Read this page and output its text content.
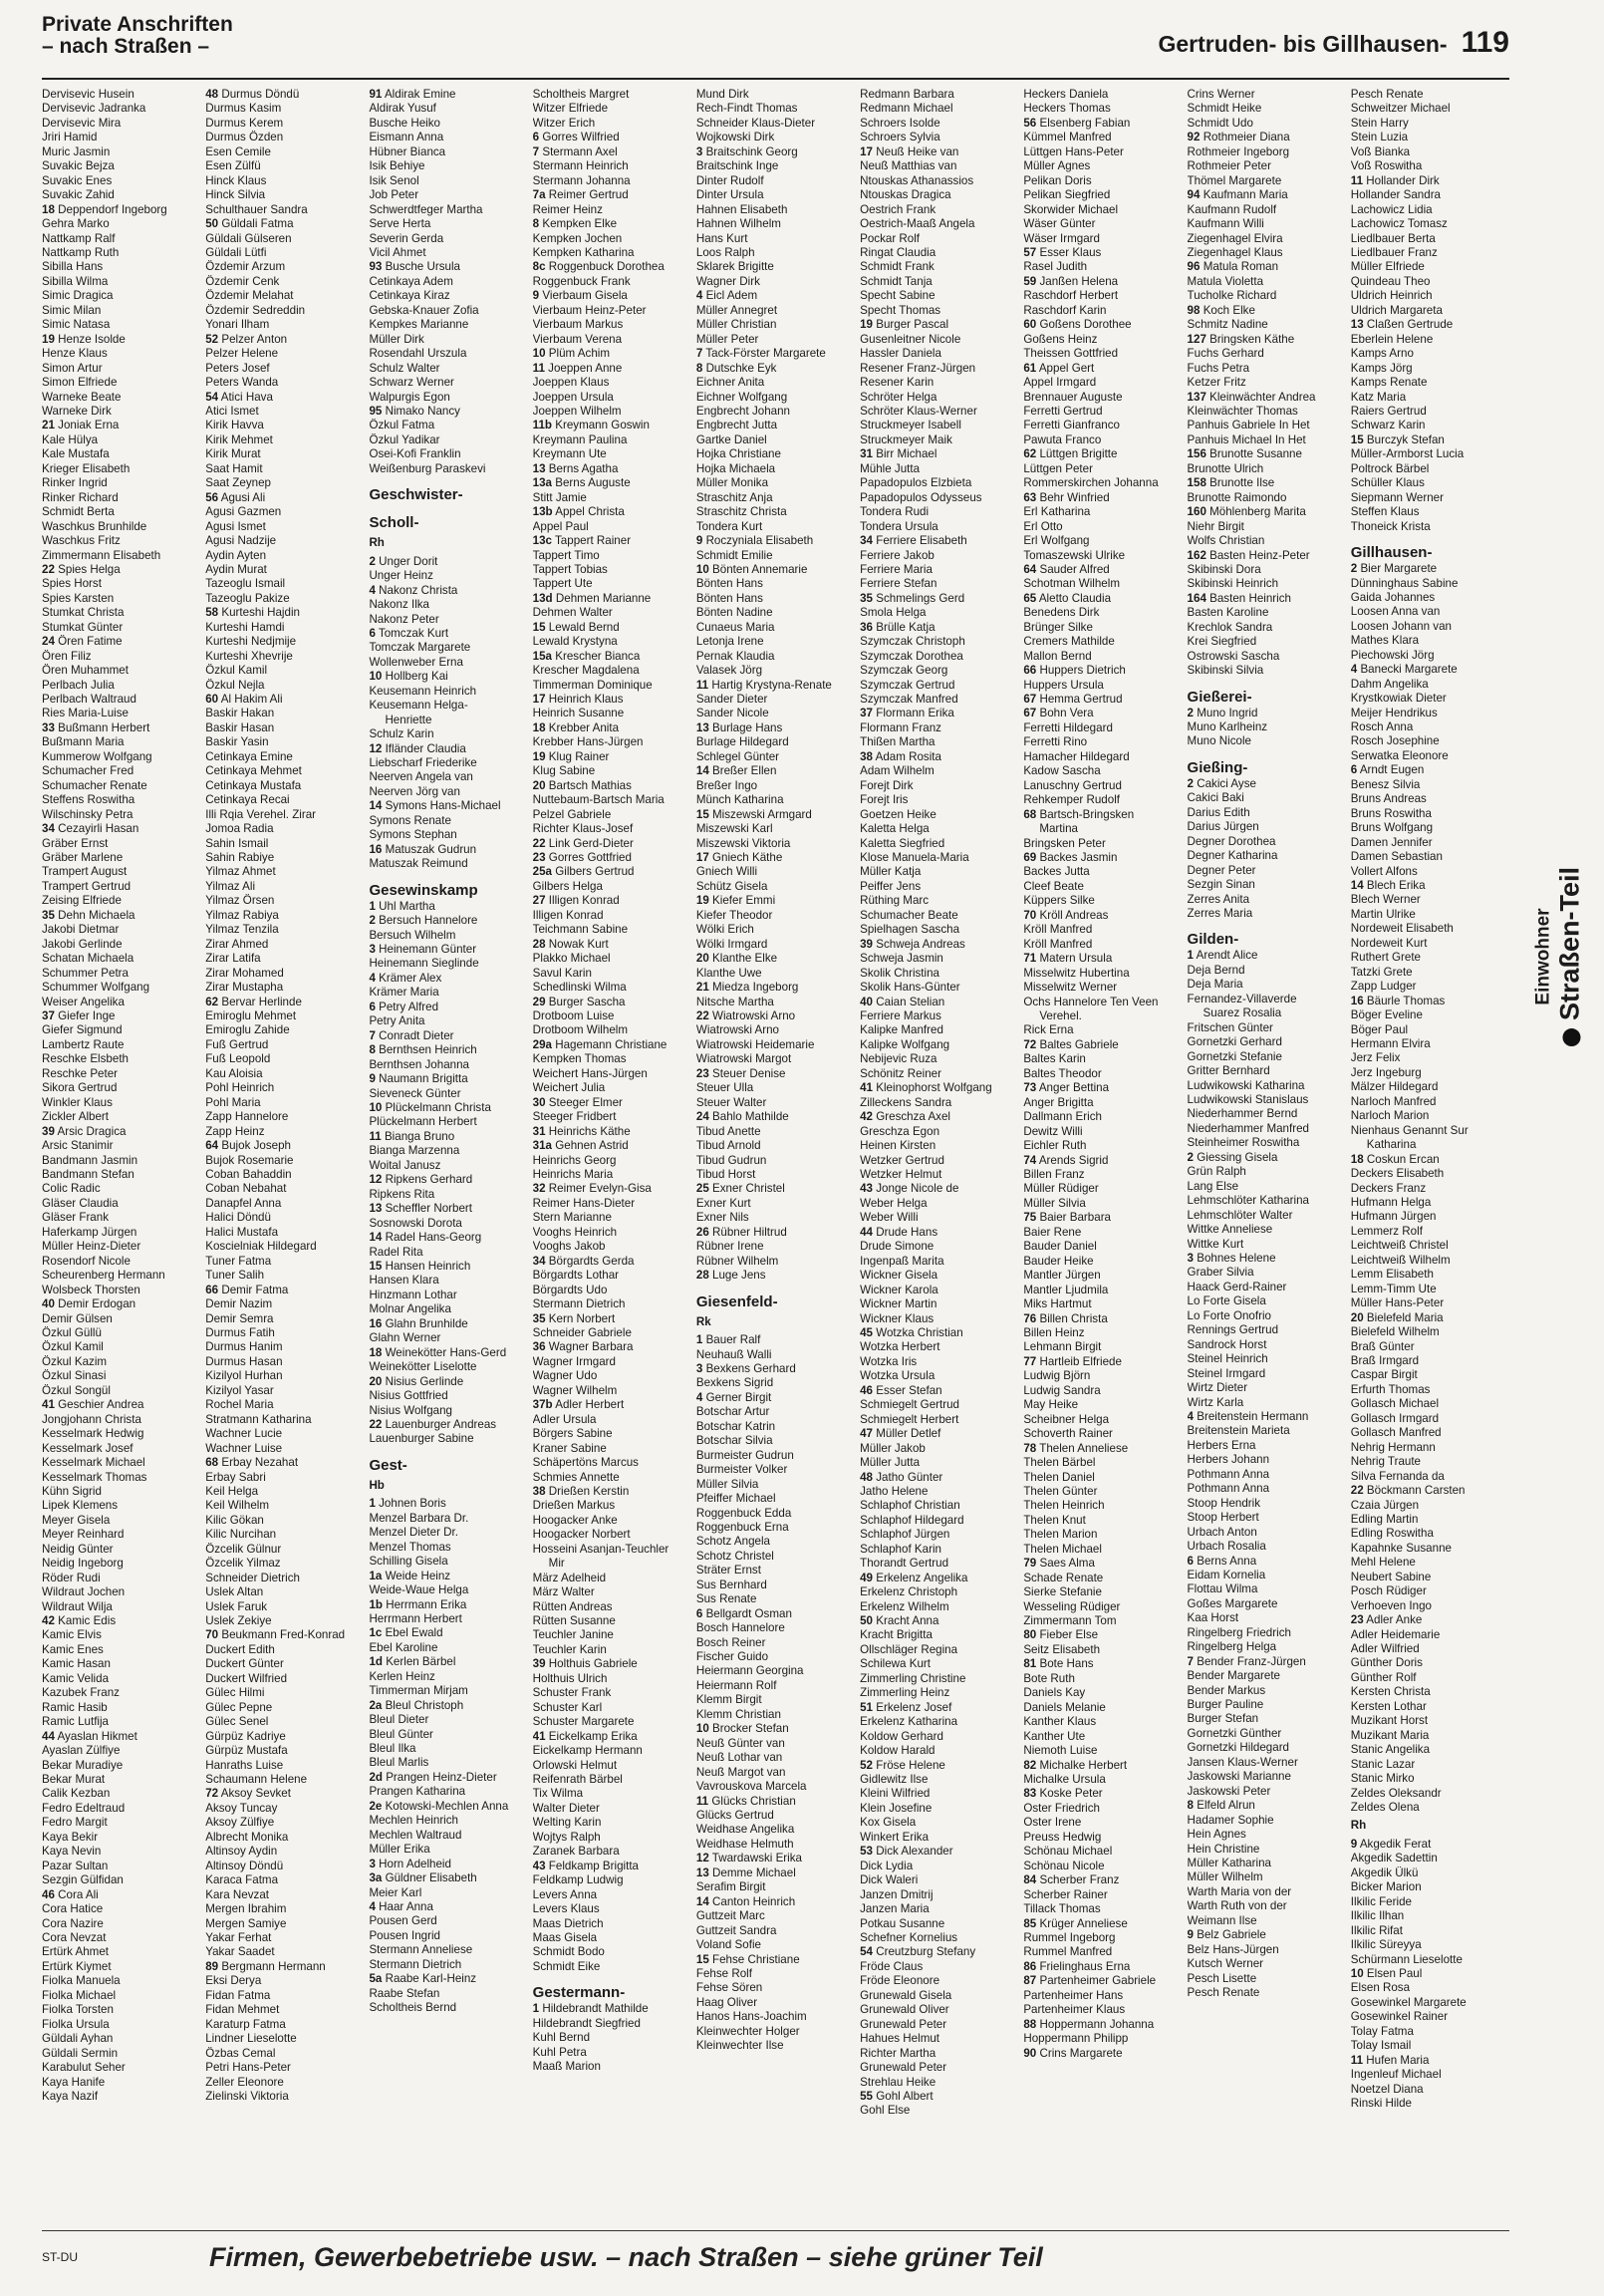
Private Anschriften
– nach Straßen –	Gertruden- bis Gillhausen- 119
Dervisevic Husein
Dervisevic Jadranka
Dervisevic Mira
Jriri Hamid
Muric Jasmin
Suvakic Bejza
Suvakic Enes
Suvakic Zahid
18 Deppendorf Ingeborg
Gehra Marko
Nattkamp Ralf
Nattkamp Ruth
Sibilla Hans
Sibilla Wilma
Simic Dragica
Simic Milan
Simic Natasa
19 Henze Isolde
Henze Klaus
Simon Artur
Simon Elfriede
Warneke Beate
Warneke Dirk
21 Joniak Erna
Kale Hülya
Kale Mustafa
Krieger Elisabeth
Rinker Ingrid
Rinker Richard
Schmidt Berta
Waschkus Brunhilde
Waschkus Fritz
Zimmermann Elisabeth
22 Spies Helga
Spies Horst
Spies Karsten
Stumkat Christa
Stumkat Günter
24 Ören Fatime
Ören Filiz
Ören Muhammet
Perlbach Julia
Perlbach Waltraud
Ries Maria-Luise
33 Bußmann Herbert
Bußmann Maria
Kummerow Wolfgang
Schumacher Fred
Schumacher Renate
Steffens Roswitha
Wilschinsky Petra
34 Cezayirli Hasan
Gräber Ernst
Gräber Marlene
Trampert August
Trampert Gertrud
Zeising Elfriede
35 Dehn Michaela
Jakobi Dietmar
Jakobi Gerlinde
Schatan Michaela
Schummer Petra
Schummer Wolfgang
Weiser Angelika
37 Giefer Inge
Giefer Sigmund
Lambertz Raute
Reschke Elsbeth
Reschke Peter
Sikora Gertrud
Winkler Klaus
Zickler Albert
39 Arsic Dragica
Arsic Stanimir
Bandmann Jasmin
Bandmann Stefan
Colic Radic
Gläser Claudia
Gläser Frank
Haferkamp Jürgen
Müller Heinz-Dieter
Rosendorf Nicole
Scheurenberg Hermann
Wolsbeck Thorsten
40 Demir Erdogan
Demir Gülsen
Özkul Güllü
Özkul Kamil
Özkul Kazim
Özkul Sinasi
Özkul Songül
41 Geschier Andrea
Jongjohann Christa
Kesselmark Hedwig
Kesselmark Josef
Kesselmark Michael
Kesselmark Thomas
Kühn Sigrid
Lipek Klemens
Meyer Gisela
Meyer Reinhard
Neidig Günter
Neidig Ingeborg
Röder Rudi
Wildraut Jochen
Wildraut Wilja
42 Kamic Edis
Kamic Elvis
Kamic Enes
Kamic Hasan
Kamic Velida
Kazubek Franz
Ramic Hasib
Ramic Lutfija
44 Ayaslan Hikmet
Ayaslan Zülfiye
Bekar Muradiye
Bekar Murat
Calik Kezban
Fedro Edeltraud
Fedro Margit
Kaya Bekir
Kaya Nevin
Pazar Sultan
Sezgin Gülfidan
46 Cora Ali
Cora Hatice
Cora Nazire
Cora Nevzat
Ertürk Ahmet
Ertürk Kiymet
Fiolka Manuela
Fiolka Michael
Fiolka Torsten
Fiolka Ursula
Güldali Ayhan
Güldali Sermin
Karabulut Seher
Kaya Hanife
Kaya Nazif
48 Durmus Döndü
Durmus Kasim
Durmus Kerem
Durmus Özden
Esen Cemile
Esen Zülfü
Hinck Klaus
Hinck Silvia
Schulthauer Sandra
50 Güldali Fatma
Güldali Gülseren
Güldali Lütfi
Özdemir Arzum
Özdemir Cenk
Özdemir Melahat
Özdemir Sedreddin
Yonari Ilham
52 Pelzer Anton
Pelzer Helene
Peters Josef
Peters Wanda
54 Atici Hava
Atici Ismet
Kirik Havva
Kirik Mehmet
Kirik Murat
Saat Hamit
Saat Zeynep
56 Agusi Ali
Agusi Gazmen
Agusi Ismet
Agusi Nadzije
Aydin Ayten
Aydin Murat
Tazeoglu Ismail
Tazeoglu Pakize
58 Kurteshi Hajdin
Kurteshi Hamdi
Kurteshi Nedjmije
Kurteshi Xhevrije
Özkul Kamil
Özkul Nejla
60 Al Hakim Ali
Baskir Hakan
Baskir Hasan
Baskir Yasin
Cetinkaya Emine
Cetinkaya Mehmet
Cetinkaya Mustafa
Cetinkaya Recai
Illi Rqia Verehel. Zirar
Jomoa Radia
Sahin Ismail
Sahin Rabiye
Yilmaz Ahmet
Yilmaz Ali
Yilmaz Örsen
Yilmaz Rabiya
Yilmaz Tenzila
Zirar Ahmed
Zirar Latifa
Zirar Mohamed
Zirar Mustapha
62 Bervar Herlinde
Emiroglu Mehmet
Emiroglu Zahide
Fuß Gertrud
Fuß Leopold
Kau Aloisia
Pohl Heinrich
Pohl Maria
Zapp Hannelore
Zapp Heinz
64 Bujok Joseph
Bujok Rosemarie
Coban Bahaddin
Coban Nebahat
Danapfel Anna
Halici Döndü
Halici Mustafa
Koscielniak Hildegard
Tuner Fatma
Tuner Salih
66 Demir Fatma
Demir Nazim
Demir Semra
Durmus Fatih
Durmus Hanim
Durmus Hasan
Kizilyol Hurhan
Kizilyol Yasar
Rochel Maria
Stratmann Katharina
Wachner Lucie
Wachner Luise
68 Erbay Nezahat
Erbay Sabri
Keil Helga
Keil Wilhelm
Kilic Gökan
Kilic Nurcihan
Özcelik Gülnur
Özcelik Yilmaz
Schneider Dietrich
Uslek Altan
Uslek Faruk
Uslek Zekiye
70 Beukmann Fred-Konrad
Duckert Edith
Duckert Günter
Duckert Wilfried
Gülec Hilmi
Gülec Pepne
Gülec Senel
Gürpüz Kadriye
Gürpüz Mustafa
Hanraths Luise
Schaumann Helene
72 Aksoy Sevket
Aksoy Tuncay
Aksoy Zülfiye
Albrecht Monika
Altinsoy Aydin
Altinsoy Döndü
Karaca Fatma
Kara Nevzat
Mergen Ibrahim
Mergen Samiye
Yakar Ferhat
Yakar Saadet
89 Bergmann Hermann
Eksi Derya
Fidan Fatma
Fidan Mehmet
Karaturp Fatma
Lindner Lieselotte
Özbas Cemal
Petri Hans-Peter
Zeller Eleonore
Zielinski Viktoria
91 Aldirak Emine
Aldirak Yusuf
Busche Heiko
Eismann Anna
Hübner Bianca
Isik Behiye
Isik Senol
Job Peter
Schwerdtfeger Martha
Serve Herta
Severin Gerda
Vicil Ahmet
93 Busche Ursula
Cetinkaya Adem
Cetinkaya Kiraz
Gebska-Knauer Zofia
Kempkes Marianne
Müller Dirk
Rosendahl Urszula
Schulz Walter
Schwarz Werner
Walpurgis Egon
95 Nimako Nancy
Özkul Fatma
Özkul Yadikar
Osei-Kofi Franklin
Weißenburg Paraskevi
Geschwister-
Scholl-
Rh
2 Unger Dorit
Unger Heinz
4 Nakonz Christa
Nakonz Ilka
Nakonz Peter
6 Tomczak Kurt
Tomczak Margarete
Wollenweber Erna
10 Hollberg Kai
Keusemann Heinrich
Keusemann Helga-
Henriette
Schulz Karin
12 Ifländer Claudia
Liebscharf Friederike
Neerven Angela van
Neerven Jörg van
14 Symons Hans-Michael
Symons Renate
Symons Stephan
16 Matuszak Gudrun
Matuszak Reimund
Gesewinskamp
1 Uhl Martha
2 Bersuch Hannelore
Bersuch Wilhelm
3 Heinemann Günter
Heinemann Sieglinde
4 Krämer Alex
Krämer Maria
6 Petry Alfred
Petry Anita
7 Conradt Dieter
8 Bernthsen Heinrich
Bernthsen Johanna
9 Naumann Brigitta
Sieveneck Günter
10 Plückelmann Christa
Plückelmann Herbert
11 Bianga Bruno
Bianga Marzenna
Woital Janusz
12 Ripkens Gerhard
Ripkens Rita
13 Scheffler Norbert
Sosnowski Dorota
14 Radel Hans-Georg
Radel Rita
15 Hansen Heinrich
Hansen Klara
Hinzmann Lothar
Molnar Angelika
16 Glahn Brunhilde
Glahn Werner
18 Weinekötter Hans-Gerd
Weinekötter Liselotte
20 Nisius Gerlinde
Nisius Gottfried
Nisius Wolfgang
22 Lauenburger Andreas
Lauenburger Sabine
Gest-
Hb
1 Johnen Boris
Menzel Barbara Dr.
Menzel Dieter Dr.
Menzel Thomas
Schilling Gisela
1a Weide Heinz
Weide-Waue Helga
1b Herrmann Erika
Herrmann Herbert
1c Ebel Ewald
Ebel Karoline
1d Kerlen Bärbel
Kerlen Heinz
Timmerman Mirjam
2a Bleul Christoph
Bleul Dieter
Bleul Günter
Bleul Ilka
Bleul Marlis
2d Prangen Heinz-Dieter
Prangen Katharina
2e Kotowski-Mechlen Anna
Mechlen Heinrich
Mechlen Waltraud
Müller Erika
3 Horn Adelheid
3a Güldner Elisabeth
Meier Karl
4 Haar Anna
Pousen Gerd
Pousen Ingrid
Stermann Anneliese
Stermann Dietrich
5a Raabe Karl-Heinz
Raabe Stefan
Scholtheis Bernd
Scholtheis Margret
Witzer Elfriede
Witzer Erich
6 Gorres Wilfried
7 Stermann Axel
Stermann Heinrich
Stermann Johanna
7a Reimer Gertrud
Reimer Heinz
8 Kempken Elke
Kempken Jochen
Kempken Katharina
8c Roggenbuck Dorothea
Roggenbuck Frank
9 Vierbaum Gisela
Vierbaum Heinz-Peter
Vierbaum Markus
Vierbaum Verena
10 Plüm Achim
11 Joeppen Anne
Joeppen Klaus
Joeppen Ursula
Joeppen Wilhelm
11b Kreymann Goswin
Kreymann Paulina
Kreymann Ute
13 Berns Agatha
13a Berns Auguste
Stitt Jamie
13b Appel Christa
Appel Paul
13c Tappert Rainer
Tappert Timo
Tappert Tobias
Tappert Ute
13d Dehmen Marianne
Dehmen Walter
15 Lewald Bernd
Lewald Krystyna
15a Krescher Bianca
Krescher Magdalena
Timmerman Dominique
17 Heinrich Klaus
Heinrich Susanne
18 Krebber Anita
Krebber Hans-Jürgen
19 Klug Rainer
Klug Sabine
20 Bartsch Mathias
Nuttebaum-Bartsch Maria
Pelzel Gabriele
Richter Klaus-Josef
22 Link Gerd-Dieter
23 Gorres Gottfried
25a Gilbers Gertrud
Gilbers Helga
27 Illigen Konrad
Illigen Konrad
Teichmann Sabine
28 Nowak Kurt
Plakko Michael
Savul Karin
Schedlinski Wilma
29 Burger Sascha
Drotboom Luise
Drotboom Wilhelm
29a Hagemann Christiane
Kempken Thomas
Weichert Hans-Jürgen
Weichert Julia
30 Steeger Elmer
Steeger Fridbert
31 Heinrichs Käthe
31a Gehnen Astrid
Heinrichs Georg
Heinrichs Maria
32 Reimer Evelyn-Gisa
Reimer Hans-Dieter
Stern Marianne
Vooghs Heinrich
Vooghs Jakob
34 Börgardts Gerda
Börgardts Lothar
Börgardts Udo
Stermann Dietrich
35 Kern Norbert
Schneider Gabriele
36 Wagner Barbara
Wagner Irmgard
Wagner Udo
Wagner Wilhelm
37b Adler Herbert
Adler Ursula
Börgers Sabine
Kraner Sabine
Schäpertöns Marcus
Schmies Annette
38 Drießen Kerstin
Drießen Markus
Hoogacker Anke
Hoogacker Norbert
Hosseini Asanjan-Teuchler
Mir
März Adelheid
März Walter
Rütten Andreas
Rütten Susanne
Teuchler Janine
Teuchler Karin
39 Holthuis Gabriele
Holthuis Ulrich
Schuster Frank
Schuster Karl
Schuster Margarete
41 Eickelkamp Erika
Eickelkamp Hermann
Orlowski Helmut
Reifenrath Bärbel
Tix Wilma
Walter Dieter
Welting Karin
Wojtys Ralph
Zaranek Barbara
43 Feldkamp Brigitta
Feldkamp Ludwig
Levers Anna
Levers Klaus
Maas Dietrich
Maas Gisela
Schmidt Bodo
Schmidt Eike
Gestermann-
1 Hildebrandt Mathilde
Hildebrandt Siegfried
Kuhl Bernd
Kuhl Petra
Maaß Marion
Mund Dirk
Rech-Findt Thomas
Schneider Klaus-Dieter
Wojkowski Dirk
3 Braitschink Georg
Braitschink Inge
Dinter Rudolf
Dinter Ursula
Hahnen Elisabeth
Hahnen Wilhelm
Hans Kurt
Loos Ralph
Sklarek Brigitte
Wagner Dirk
4 Eicl Adem
Müller Annegret
Müller Christian
Müller Peter
7 Tack-Förster Margarete
8 Dutschke Eyk
Eichner Anita
Eichner Wolfgang
Engbrecht Johann
Engbrecht Jutta
Gartke Daniel
Hojka Christiane
Hojka Michaela
Müller Monika
Straschitz Anja
Straschitz Christa
Tondera Kurt
9 Roczyniala Elisabeth
Schmidt Emilie
10 Bönten Annemarie
Bönten Hans
Bönten Hans
Bönten Nadine
Cunaeus Maria
Letonja Irene
Pernak Klaudia
Valasek Jörg
11 Hartig Krystyna-Renate
Sander Dieter
Sander Nicole
13 Burlage Hans
Burlage Hildegard
Schlegel Günter
14 Breßer Ellen
Breßer Ingo
Münch Katharina
15 Miszewski Armgard
Miszewski Karl
Miszewski Viktoria
17 Gniech Käthe
Gniech Willi
Schütz Gisela
19 Kiefer Emmi
Kiefer Theodor
Wölki Erich
Wölki Irmgard
20 Klanthe Elke
Klanthe Uwe
21 Miedza Ingeborg
Nitsche Martha
22 Wiatrowski Arno
Wiatrowski Arno
Wiatrowski Heidemarie
Wiatrowski Margot
23 Steuer Denise
Steuer Ulla
Steuer Walter
24 Bahlo Mathilde
Tibud Anette
Tibud Arnold
Tibud Gudrun
Tibud Horst
25 Exner Christel
Exner Kurt
Exner Nils
26 Rübner Hiltrud
Rübner Irene
Rübner Wilhelm
28 Luge Jens
Giesenfeld-
Rk
1 Bauer Ralf
Neuhauß Walli
3 Bexkens Gerhard
Bexkens Sigrid
4 Gerner Birgit
Botschar Artur
Botschar Katrin
Botschar Silvia
Burmeister Gudrun
Burmeister Volker
Müller Silvia
Pfeiffer Michael
Roggenbuck Edda
Roggenbuck Erna
Schotz Angela
Schotz Christel
Sträter Ernst
Sus Bernhard
Sus Renate
6 Bellgardt Osman
Bosch Hannelore
Bosch Reiner
Fischer Guido
Heiermann Georgina
Heiermann Rolf
Klemm Birgit
Klemm Christian
10 Brocker Stefan
Neuß Günter van
Neuß Lothar van
Neuß Margot van
Vavrouskova Marcela
11 Glücks Christian
Glücks Gertrud
Weidhase Angelika
Weidhase Helmuth
12 Twardawski Erika
13 Demme Michael
Serafim Birgit
14 Canton Heinrich
Guttzeit Marc
Guttzeit Sandra
Voland Sofie
15 Fehse Christiane
Fehse Rolf
Fehse Sören
Haag Oliver
Hanos Hans-Joachim
Kleinwechter Holger
Kleinwechter Ilse
Redmann Barbara
Redmann Michael
Schroers Isolde
Schroers Sylvia
17 Neuß Heike van
Neuß Matthias van
Ntouskas Athanassios
Ntouskas Dragica
Oestrich Frank
Oestrich-Maaß Angela
Pockar Rolf
Ringat Claudia
Schmidt Frank
Schmidt Tanja
Specht Sabine
Specht Thomas
19 Burger Pascal
Gusenleitner Nicole
Hassler Daniela
Resener Franz-Jürgen
Resener Karin
Schröter Helga
Schröter Klaus-Werner
Struckmeyer Isabell
Struckmeyer Maik
31 Birr Michael
Mühle Jutta
Papadopulos Elzbieta
Papadopulos Odysseus
Tondera Rudi
Tondera Ursula
34 Ferriere Elisabeth
Ferriere Jakob
Ferriere Maria
Ferriere Stefan
35 Schmelings Gerd
Smola Helga
36 Brülle Katja
Szymczak Christoph
Szymczak Dorothea
Szymczak Georg
Szymczak Gertrud
Szymczak Manfred
37 Flormann Erika
Flormann Franz
Thißen Martha
38 Adam Rosita
Adam Wilhelm
Forejt Dirk
Forejt Iris
Goetzen Heike
Kaletta Helga
Kaletta Siegfried
Klose Manuela-Maria
Müller Katja
Peiffer Jens
Rüthing Marc
Schumacher Beate
Spielhagen Sascha
39 Schweja Andreas
Schweja Jasmin
Skolik Christina
Skolik Hans-Günter
40 Caian Stelian
Ferriere Markus
Kalipke Manfred
Kalipke Wolfgang
Nebijevic Ruza
Schönitz Reiner
41 Kleinophorst Wolfgang
Zilleckens Sandra
42 Greschza Axel
Greschza Egon
Heinen Kirsten
Wetzker Gertrud
Wetzker Helmut
43 Jonge Nicole de
Weber Helga
Weber Willi
44 Drude Hans
Drude Simone
Ingenpaß Marita
Wickner Gisela
Wickner Karola
Wickner Martin
Wickner Klaus
45 Wotzka Christian
Wotzka Herbert
Wotzka Iris
Wotzka Ursula
46 Esser Stefan
Schmiegelt Gertrud
Schmiegelt Herbert
47 Müller Detlef
Müller Jakob
Müller Jutta
48 Jatho Günter
Jatho Helene
Schlaphof Christian
Schlaphof Hildegard
Schlaphof Jürgen
Schlaphof Karin
Thorandt Gertrud
49 Erkelenz Angelika
Erkelenz Christoph
Erkelenz Wilhelm
50 Kracht Anna
Kracht Brigitta
Ollschläger Regina
Schilewa Kurt
Zimmerling Christine
Zimmerling Heinz
51 Erkelenz Josef
Erkelenz Katharina
Koldow Gerhard
Koldow Harald
52 Fröse Helene
Gidlewitz Ilse
Kleini Wilfried
Klein Josefine
Kox Gisela
Winkert Erika
53 Dick Alexander
Dick Lydia
Dick Waleri
Janzen Dmitrij
Janzen Maria
Potkau Susanne
Schefner Kornelius
54 Creutzburg Stefany
Fröde Claus
Fröde Eleonore
Grunewald Gisela
Grunewald Oliver
Grunewald Peter
Hahues Helmut
Richter Martha
Grunewald Peter
Strehlau Heike
55 Gohl Albert
Gohl Else
Heckers Daniela
Heckers Thomas
56 Elsenberg Fabian
Kümmel Manfred
Lüttgen Hans-Peter
Müller Agnes
Pelikan Doris
Pelikan Siegfried
Skorwider Michael
Wäser Günter
Wäser Irmgard
57 Esser Klaus
Rasel Judith
59 Janßen Helena
Raschdorf Herbert
Raschdorf Karin
60 Goßens Dorothee
Goßens Heinz
Theissen Gottfried
61 Appel Gert
Appel Irmgard
Brennauer Auguste
Ferretti Gertrud
Ferretti Gianfranco
Pawuta Franco
62 Lüttgen Brigitte
Lüttgen Peter
Rommerskirchen Johanna
63 Behr Winfried
Erl Katharina
Erl Otto
Erl Wolfgang
Tomaszewski Ulrike
64 Sauder Alfred
Schotman Wilhelm
65 Aletto Claudia
Benedens Dirk
Brünger Silke
Cremers Mathilde
Mallon Bernd
66 Huppers Dietrich
Huppers Ursula
67 Hemma Gertrud
67 Bohn Vera
Ferretti Hildegard
Ferretti Rino
Hamacher Hildegard
Kadow Sascha
Lanuschny Gertrud
Rehkemper Rudolf
68 Bartsch-Bringsken
Martina
Bringsken Peter
69 Backes Jasmin
Backes Jutta
Cleef Beate
Küppers Silke
70 Kröll Andreas
Kröll Manfred
Kröll Manfred
71 Matern Ursula
Misselwitz Hubertina
Misselwitz Werner
Ochs Hannelore Ten Veen
Verehel.
Rick Erna
72 Baltes Gabriele
Baltes Karin
Baltes Theodor
73 Anger Bettina
Anger Brigitta
Dallmann Erich
Dewitz Willi
Eichler Ruth
74 Arends Sigrid
Billen Franz
Müller Rüdiger
Müller Silvia
75 Baier Barbara
Baier Rene
Bauder Daniel
Bauder Heike
Mantler Jürgen
Mantler Ljudmila
Miks Hartmut
76 Billen Christa
Billen Heinz
Lehmann Birgit
77 Hartleib Elfriede
Ludwig Björn
Ludwig Sandra
May Heike
Scheibner Helga
Schoverth Rainer
78 Thelen Anneliese
Thelen Bärbel
Thelen Daniel
Thelen Günter
Thelen Heinrich
Thelen Knut
Thelen Marion
Thelen Michael
79 Saes Alma
Schade Renate
Sierke Stefanie
Wesseling Rüdiger
Zimmermann Tom
80 Fieber Else
Seitz Elisabeth
81 Bote Hans
Bote Ruth
Daniels Kay
Daniels Melanie
Kanther Klaus
Kanther Ute
Niemoth Luise
82 Michalke Herbert
Michalke Ursula
83 Koske Peter
Oster Friedrich
Oster Irene
Preuss Hedwig
Schönau Michael
Schönau Nicole
84 Scherber Franz
Scherber Rainer
Tillack Thomas
85 Krüger Anneliese
Rummel Ingeborg
Rummel Manfred
86 Frielinghaus Erna
87 Partenheimer Gabriele
Partenheimer Hans
Partenheimer Klaus
88 Hoppermann Johanna
Hoppermann Philipp
90 Crins Margarete
Crins Werner
Schmidt Heike
Schmidt Udo
92 Rothmeier Diana
Rothmeier Ingeborg
Rothmeier Peter
Thömel Margarete
94 Kaufmann Maria
Kaufmann Rudolf
Kaufmann Willi
Ziegenhagel Elvira
Ziegenhagel Klaus
96 Matula Roman
Matula Violetta
Tucholke Richard
98 Koch Elke
Schmitz Nadine
127 Bringsken Käthe
Fuchs Gerhard
Fuchs Petra
Ketzer Fritz
137 Kleinwächter Andrea
Kleinwächter Thomas
Panhuis Gabriele In Het
Panhuis Michael In Het
156 Brunotte Susanne
Brunotte Ulrich
158 Brunotte Ilse
Brunotte Raimondo
160 Möhlenberg Marita
Niehr Birgit
Wolfs Christian
162 Basten Heinz-Peter
Skibinski Dora
Skibinski Heinrich
164 Basten Heinrich
Basten Karoline
Krechlok Sandra
Krei Siegfried
Ostrowski Sascha
Skibinski Silvia
Gießerei-
2 Muno Ingrid
Muno Karlheinz
Muno Nicole
Gießing-
2 Cakici Ayse
Cakici Baki
Darius Edith
Darius Jürgen
Degner Dorothea
Degner Katharina
Degner Peter
Sezgin Sinan
Zerres Anita
Zerres Maria
Gilden-
1 Arendt Alice
Deja Bernd
Deja Maria
Fernandez-Villaverde
Suarez Rosalia
Fritschen Günter
Gornetzki Gerhard
Gornetzki Stefanie
Gritter Bernhard
Ludwikowski Katharina
Ludwikowski Stanislaus
Niederhammer Bernd
Niederhammer Manfred
Steinheimer Roswitha
2 Giessing Gisela
Grün Ralph
Lang Else
Lehmschlöter Katharina
Lehmschlöter Walter
Wittke Anneliese
Wittke Kurt
3 Bohnes Helene
Graber Silvia
Haack Gerd-Rainer
Lo Forte Gisela
Lo Forte Onofrio
Rennings Gertrud
Sandrock Horst
Steinel Heinrich
Steinel Irmgard
Wirtz Dieter
Wirtz Karla
4 Breitenstein Hermann
Breitenstein Marieta
Herbers Erna
Herbers Johann
Pothmann Anna
Pothmann Anna
Stoop Hendrik
Stoop Herbert
Urbach Anton
Urbach Rosalia
6 Berns Anna
Eidam Kornelia
Flottau Wilma
Goßes Margarete
Kaa Horst
Ringelberg Friedrich
Ringelberg Helga
7 Bender Franz-Jürgen
Bender Margarete
Bender Markus
Burger Pauline
Burger Stefan
Gornetzki Günther
Gornetzki Hildegard
Jansen Klaus-Werner
Jaskowski Marianne
Jaskowski Peter
8 Elfeld Alrun
Hadamer Sophie
Hein Agnes
Hein Christine
Müller Katharina
Müller Wilhelm
Warth Maria von der
Warth Ruth von der
Weimann Ilse
9 Belz Gabriele
Belz Hans-Jürgen
Kutsch Werner
Pesch Lisette
Pesch Renate
Pesch Renate
Schweitzer Michael
Stein Harry
Stein Luzia
Voß Bianka
Voß Roswitha
11 Hollander Dirk
Hollander Sandra
Lachowicz Lidia
Lachowicz Tomasz
Liedlbauer Berta
Liedlbauer Franz
Müller Elfriede
Quindeau Theo
Uldrich Heinrich
Uldrich Margareta
13 Claßen Gertrude
Eberlein Helene
Kamps Arno
Kamps Jörg
Kamps Renate
Katz Maria
Raiers Gertrud
Schwarz Karin
15 Burczyk Stefan
Müller-Armborst Lucia
Poltrock Bärbel
Schüller Klaus
Siepmann Werner
Steffen Klaus
Thoneick Krista
Gillhausen-
2 Bier Margarete
Dünninghaus Sabine
Gaida Johannes
Loosen Anna van
Loosen Johann van
Mathes Klara
Piechowski Jörg
4 Banecki Margarete
Dahm Angelika
Krystkowiak Dieter
Meijer Hendrikus
Rosch Anna
Rosch Josephine
Serwatka Eleonore
6 Arndt Eugen
Benesz Silvia
Bruns Andreas
Bruns Roswitha
Bruns Wolfgang
Damen Jennifer
Damen Sebastian
Vollert Alfons
14 Blech Erika
Blech Werner
Martin Ulrike
Nordeweit Elisabeth
Nordeweit Kurt
Ruthert Grete
Tatzki Grete
Zapp Ludger
16 Bäurle Thomas
Böger Eveline
Böger Paul
Hermann Elvira
Jerz Felix
Jerz Ingeburg
Mälzer Hildegard
Narloch Manfred
Narloch Marion
Nienhaus Genannt Sur
Katharina
18 Coskun Ercan
Deckers Elisabeth
Deckers Franz
Hufmann Helga
Hufmann Jürgen
Lemmerz Rolf
Leichtweiß Christel
Leichtweiß Wilhelm
Lemm Elisabeth
Lemm-Timm Ute
Müller Hans-Peter
20 Bielefeld Maria
Bielefeld Wilhelm
Braß Günter
Braß Irmgard
Caspar Birgit
Erfurth Thomas
Gollasch Michael
Gollasch Irmgard
Gollasch Manfred
Nehrig Hermann
Nehrig Traute
Silva Fernanda da
22 Böckmann Carsten
Czaia Jürgen
Edling Martin
Edling Roswitha
Kapahnke Susanne
Mehl Helene
Neubert Sabine
Posch Rüdiger
Verhoeven Ingo
23 Adler Anke
Adler Heidemarie
Adler Wilfried
Günther Doris
Günther Rolf
Kersten Christa
Kersten Lothar
Muzikant Horst
Muzikant Maria
Stanic Angelika
Stanic Lazar
Stanic Mirko
Zeldes Oleksandr
Zeldes Olena
Rh
9 Akgedik Ferat
Akgedik Sadettin
Akgedik Ülkü
Bicker Marion
Ilkilic Feride
Ilkilic Ilhan
Ilkilic Rifat
Ilkilic Süreyya
Schürmann Lieselotte
10 Elsen Paul
Elsen Rosa
Gosewinkel Margarete
Gosewinkel Rainer
Tolay Fatma
Tolay Ismail
11 Hufen Maria
Ingenleuf Michael
Noetzel Diana
Rinski Hilde
Einwohner Straßen-Teil
ST-DU	Firmen, Gewerbebetriebe usw. – nach Straßen – siehe grüner Teil
